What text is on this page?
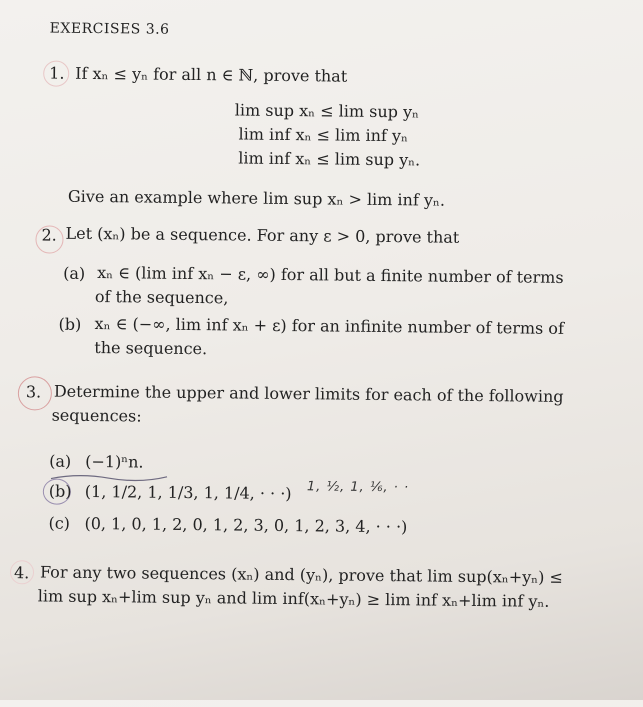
EXERCISES 3.6
1. If xₙ ≤ yₙ for all n ∈ ℕ, prove that
lim sup xₙ ≤ lim sup yₙ
lim inf xₙ ≤ lim inf yₙ
lim inf xₙ ≤ lim sup yₙ.
Give an example where lim sup xₙ > lim inf yₙ.
2. Let (xₙ) be a sequence. For any ε > 0, prove that
(a) xₙ ∈ (lim inf xₙ − ε, ∞) for all but a finite number of terms
of the sequence,
(b) xₙ ∈ (−∞, lim inf xₙ + ε) for an infinite number of terms of
the sequence.
3. Determine the upper and lower limits for each of the following
sequences:
(a) (−1)ⁿn.
(b) (1, 1/2, 1, 1/3, 1, 1/4, · · ·) 1, ½, 1, ⅙, · ·
(c) (0, 1, 0, 1, 2, 0, 1, 2, 3, 0, 1, 2, 3, 4, · · ·)
4. For any two sequences (xₙ) and (yₙ), prove that lim sup(xₙ+yₙ) ≤
lim sup xₙ+lim sup yₙ and lim inf(xₙ+yₙ) ≥ lim inf xₙ+lim inf yₙ.
